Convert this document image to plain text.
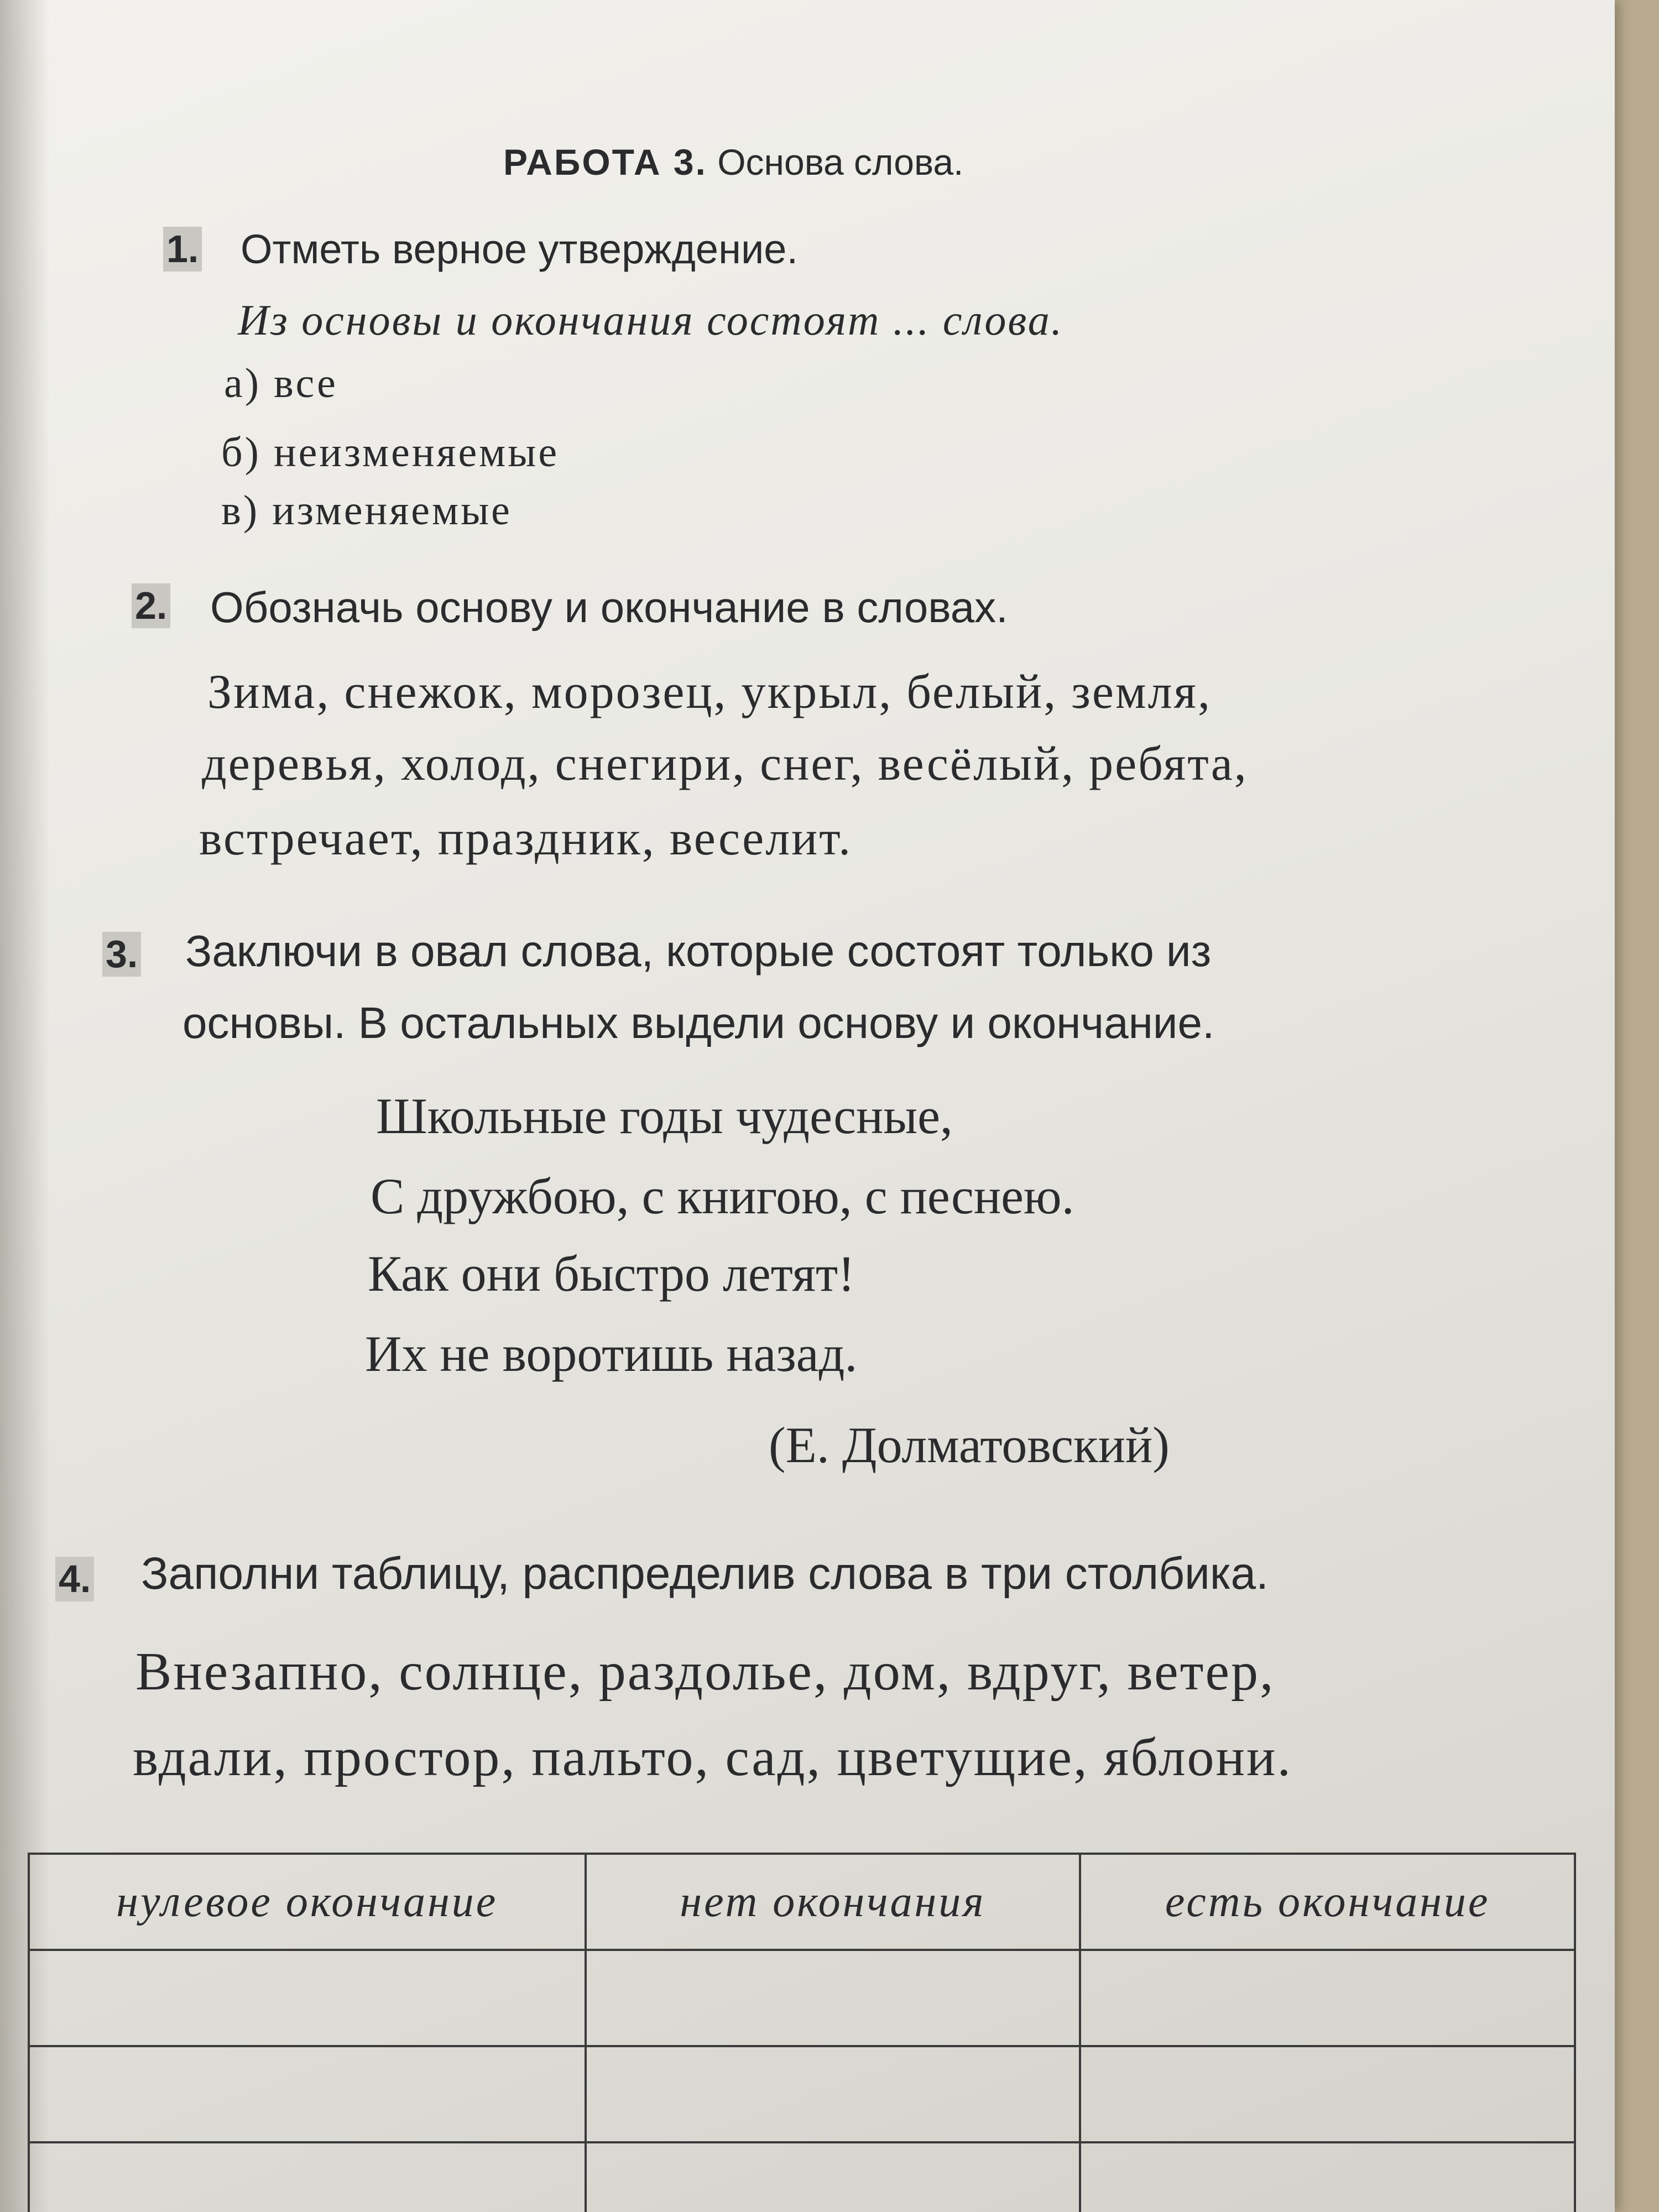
РАБОТА 3. Основа слова.
1. Отметь верное утверждение.
Из основы и окончания состоят ... слова.
а) все
б) неизменяемые
в) изменяемые
2. Обозначь основу и окончание в словах.
Зима, снежок, морозец, укрыл, белый, земля,
деревья, холод, снегири, снег, весёлый, ребята,
встречает, праздник, веселит.
3. Заключи в овал слова, которые состоят только из
основы. В остальных выдели основу и окончание.
Школьные годы чудесные,
С дружбою, с книгою, с песнею.
Как они быстро летят!
Их не воротишь назад.
(Е. Долматовский)
4. Заполни таблицу, распределив слова в три столбика.
Внезапно, солнце, раздолье, дом, вдруг, ветер,
вдали, простор, пальто, сад, цветущие, яблони.
нулевое окончание	нет окончания	есть окончание
